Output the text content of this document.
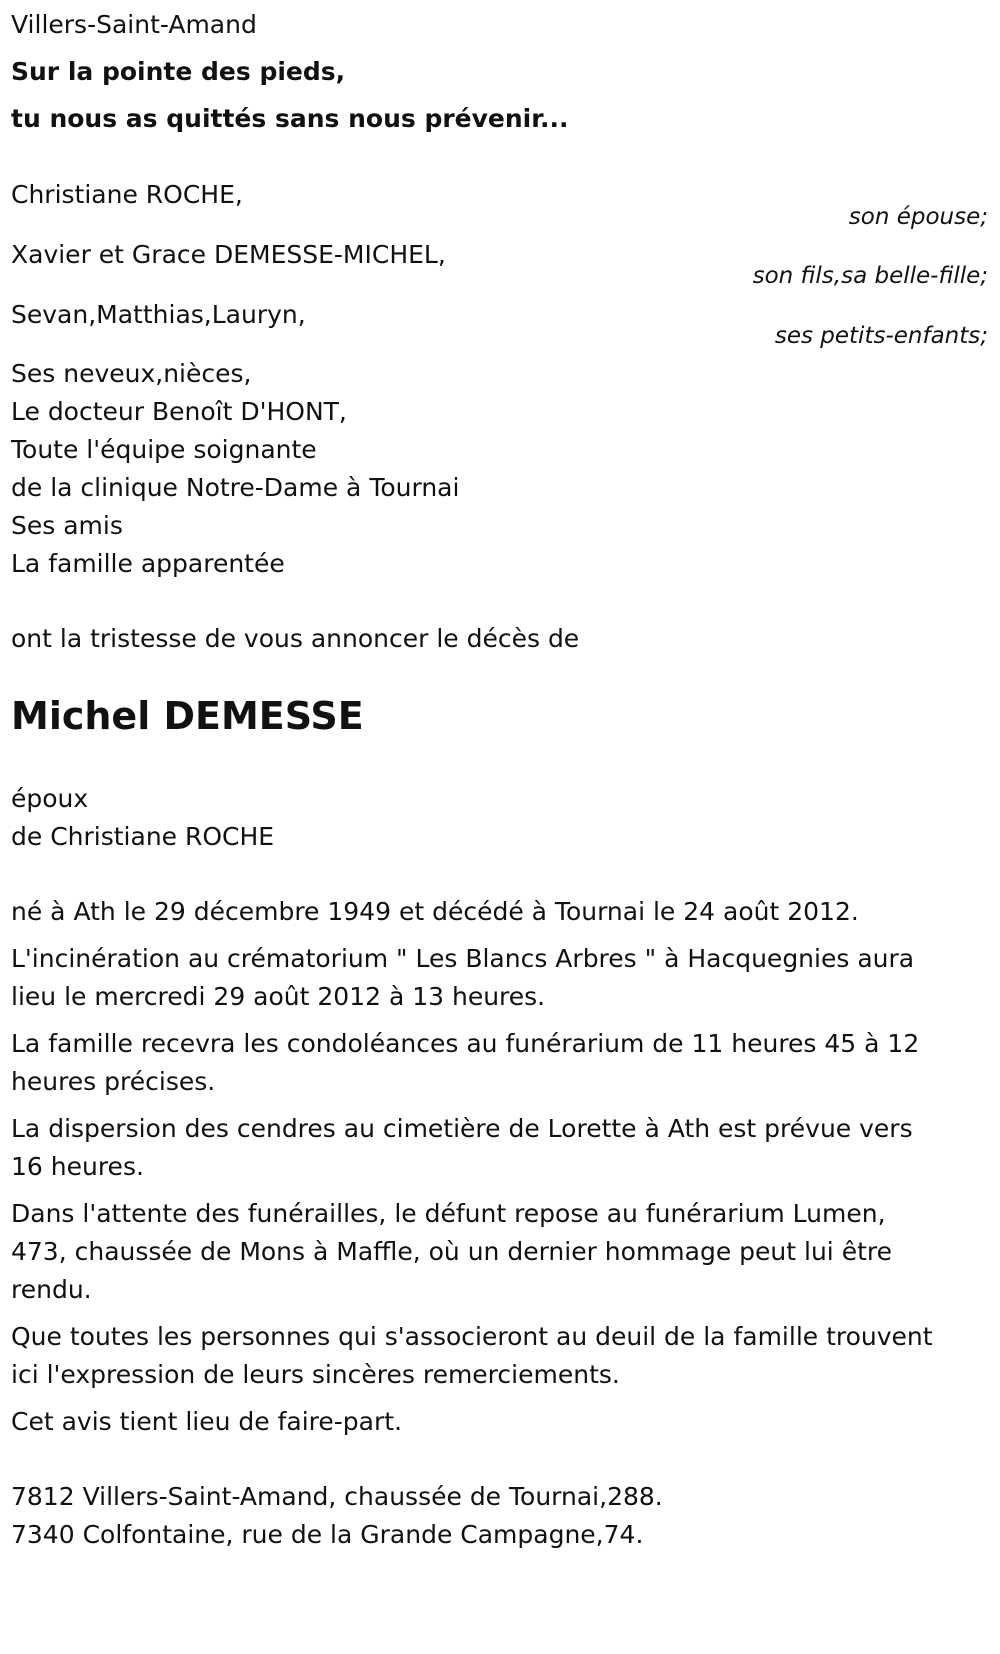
Villers-Saint-Amand

Sur la pointe des pieds,

tu nous as quittés sans nous prévenir...

Christiane ROCHE,

son épouse;

Xavier et Grace DEMESSE-MICHEL,

son fils,sa belle-fille;

Sevan,Matthias,Lauryn,

ses petits-enfants;

Ses neveux,nièces,

Le docteur Benoît D'HONT,

Toute l'équipe soignante

de la clinique Notre-Dame à Tournai

Ses amis

La famille apparentée

ont la tristesse de vous annoncer le décès de

Michel DEMESSE

époux

de Christiane ROCHE

né à Ath le 29 décembre 1949 et décédé à Tournai le 24 août 2012.

L'incinération au crématorium " Les Blancs Arbres " à Hacquegnies aura

lieu le mercredi 29 août 2012 à 13 heures.

La famille recevra les condoléances au funérarium de 11 heures 45 à 12

heures précises.

La dispersion des cendres au cimetière de Lorette à Ath est prévue vers

16 heures.

Dans l'attente des funérailles, le défunt repose au funérarium Lumen,

473, chaussée de Mons à Maffle, où un dernier hommage peut lui être

rendu.

Que toutes les personnes qui s'associeront au deuil de la famille trouvent

ici l'expression de leurs sincères remerciements.

Cet avis tient lieu de faire-part.

7812 Villers-Saint-Amand, chaussée de Tournai,288.

7340 Colfontaine, rue de la Grande Campagne,74.
